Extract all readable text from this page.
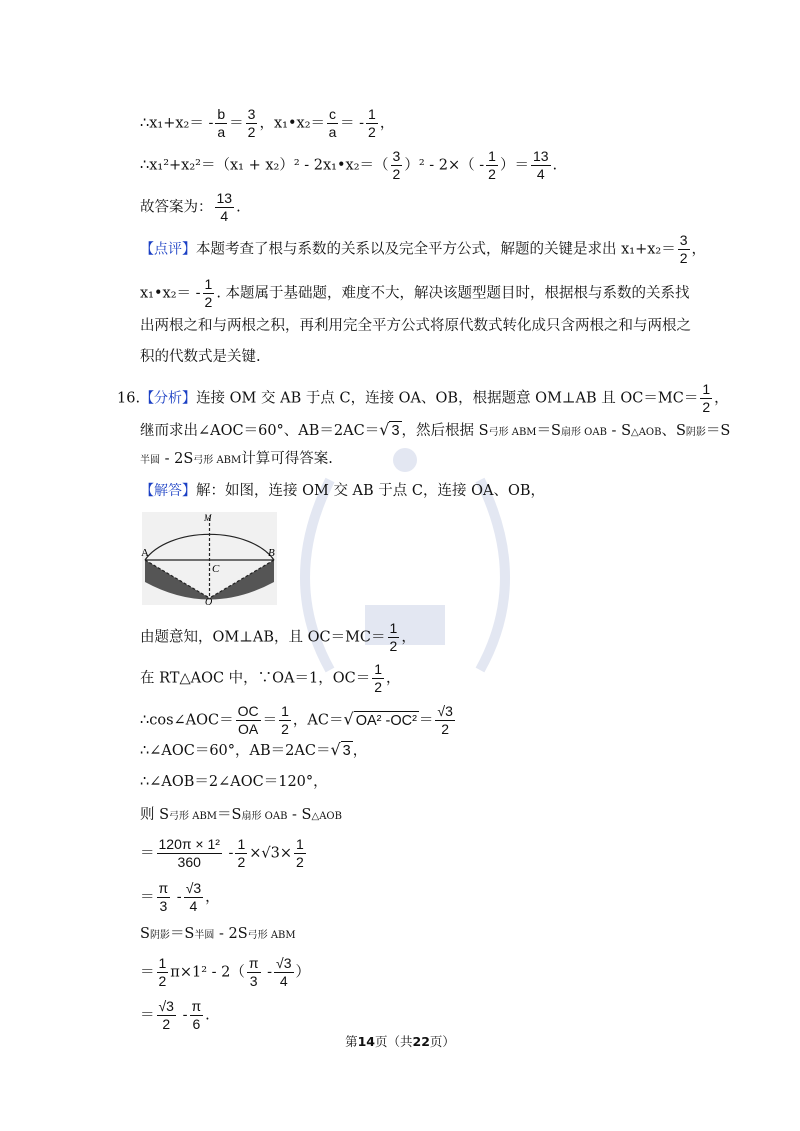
∴x₁+x₂＝ - $\frac{b}{a} = \frac{3}{2}$ ，x₁•x₂＝ $\frac{c}{a}$ ＝ - $\frac{1}{2}$ ，
∴x₁²+x₂²＝（x₁ + x₂）² - 2x₁•x₂＝（ $\frac{3}{2} )^2 - 2\times( - \frac{1}{2}$ ）＝ $\frac{13}{4}$ .
故答案为： $\frac{13}{4}$ .
【点评】本题考查了根与系数的关系以及完全平方公式，解题的关键是求出 $x_1+x_2= \frac{3}{2}$ ，
x₁•x₂＝ - $\frac{1}{2}$ . 本题属于基础题，难度不大，解决该题型题目时，根据根与系数的关系找
出两根之和与两根之积，再利用完全平方公式将原代数式转化成只含两根之和与两根之
积的代数式是关键.
16.【分析】连接 OM 交 AB 于点 C，连接 OA、OB，根据题意 OM⊥AB 且 $OC=MC= \frac{1}{2}$ ，
继而求出∠AOC＝60°、AB＝2AC＝√ 3 ，然后根据 S弓形 ABM＝S扇形 OAB - S△AOB、S阴影＝S
半圆 - 2S弓形 ABM计算可得答案.
【解答】解：如图，连接 OM 交 AB 于点 C，连接 OA、OB，
A	B
C
M
O
由题意知，OM⊥AB，且 $OC=MC= \frac{1}{2}$ ，
在 RT△AOC 中，∵OA＝1，$OC= \frac{1}{2}$ ，
∴cos∠AOC＝ $\frac{OC}{OA} = \frac{1}{2}$ ，AC＝√ OA² $-OC^2 = \frac{√3}{2}$
∴∠AOC＝60°，AB＝2AC＝√ 3 ，
∴∠AOB＝2∠AOC＝120°，
则 S弓形 ABM＝S扇形 OAB - S△AOB
＝ $\frac{\text{120π × 1²}}{360} - \frac{1}{2} \times√3\times \frac{1}{2}$
＝ $\frac{\pi}{3} - \frac{√3}{4}$ ，
S阴影＝S半圆 - 2S弓形 ABM
＝ $\frac{1}{2} \pi\times 1^2 - 2( \frac{\pi}{3} - \frac{√3}{4}$ ）
＝ $\frac{√3}{2} - \frac{\pi}{6}$ .
第14页（共22页）
